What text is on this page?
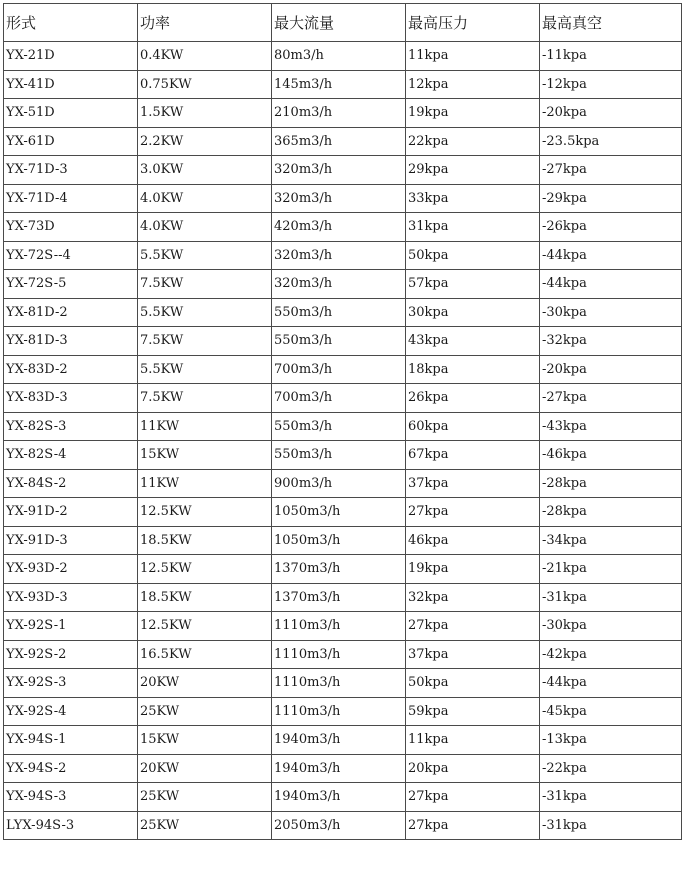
形式	功率	最大流量	最高压力	最高真空
YX-21D	0.4KW	80m3/h	11kpa	-11kpa
YX-41D	0.75KW	145m3/h	12kpa	-12kpa
YX-51D	1.5KW	210m3/h	19kpa	-20kpa
YX-61D	2.2KW	365m3/h	22kpa	-23.5kpa
YX-71D-3	3.0KW	320m3/h	29kpa	-27kpa
YX-71D-4	4.0KW	320m3/h	33kpa	-29kpa
YX-73D	4.0KW	420m3/h	31kpa	-26kpa
YX-72S--4	5.5KW	320m3/h	50kpa	-44kpa
YX-72S-5	7.5KW	320m3/h	57kpa	-44kpa
YX-81D-2	5.5KW	550m3/h	30kpa	-30kpa
YX-81D-3	7.5KW	550m3/h	43kpa	-32kpa
YX-83D-2	5.5KW	700m3/h	18kpa	-20kpa
YX-83D-3	7.5KW	700m3/h	26kpa	-27kpa
YX-82S-3	11KW	550m3/h	60kpa	-43kpa
YX-82S-4	15KW	550m3/h	67kpa	-46kpa
YX-84S-2	11KW	900m3/h	37kpa	-28kpa
YX-91D-2	12.5KW	1050m3/h	27kpa	-28kpa
YX-91D-3	18.5KW	1050m3/h	46kpa	-34kpa
YX-93D-2	12.5KW	1370m3/h	19kpa	-21kpa
YX-93D-3	18.5KW	1370m3/h	32kpa	-31kpa
YX-92S-1	12.5KW	1110m3/h	27kpa	-30kpa
YX-92S-2	16.5KW	1110m3/h	37kpa	-42kpa
YX-92S-3	20KW	1110m3/h	50kpa	-44kpa
YX-92S-4	25KW	1110m3/h	59kpa	-45kpa
YX-94S-1	15KW	1940m3/h	11kpa	-13kpa
YX-94S-2	20KW	1940m3/h	20kpa	-22kpa
YX-94S-3	25KW	1940m3/h	27kpa	-31kpa
LYX-94S-3	25KW	2050m3/h	27kpa	-31kpa
